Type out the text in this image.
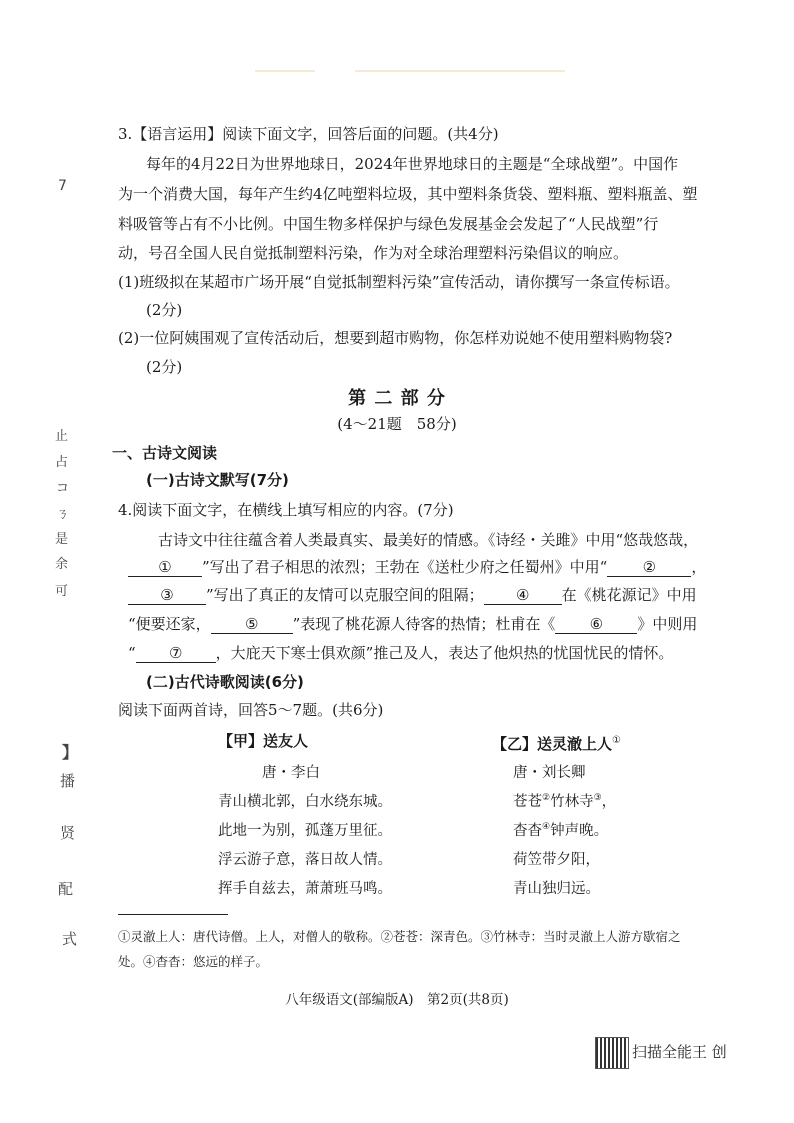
7
止
占
コ
ㄋ
是
余
可
】
播
贤
配
式
3.【语言运用】阅读下面文字，回答后面的问题。(共4分)
每年的4月22日为世界地球日，2024年世界地球日的主题是“全球战塑”。中国作
为一个消费大国，每年产生约4亿吨塑料垃圾，其中塑料条货袋、塑料瓶、塑料瓶盖、塑
料吸管等占有不小比例。中国生物多样保护与绿色发展基金会发起了“人民战塑”行
动，号召全国人民自觉抵制塑料污染，作为对全球治理塑料污染倡议的响应。
(1)班级拟在某超市广场开展“自觉抵制塑料污染”宣传活动，请你撰写一条宣传标语。
(2分)
(2)一位阿姨围观了宣传活动后，想要到超市购物，你怎样劝说她不使用塑料购物袋?
(2分)
第 二 部 分
(4～21题　58分)
一、古诗文阅读
(一)古诗文默写(7分)
4.阅读下面文字，在横线上填写相应的内容。(7分)
古诗文中往往蕴含着人类最真实、最美好的情感。《诗经・关雎》中用“悠哉悠哉，
① ”写出了君子相思的浓烈；王勃在《送杜少府之任蜀州》中用“ ② ，
③ ”写出了真正的友情可以克服空间的阻隔； ④ 在《桃花源记》中用
“便要还家， ⑤ ”表现了桃花源人待客的热情；杜甫在《 ⑥ 》中则用
“ ⑦ ，大庇天下寒士俱欢颜”推己及人，表达了他炽热的忧国忧民的情怀。
(二)古代诗歌阅读(6分)
阅读下面两首诗，回答5～7题。(共6分)
【甲】送友人
唐・李白
青山横北郭，白水绕东城。
此地一为别，孤蓬万里征。
浮云游子意，落日故人情。
挥手自兹去，萧萧班马鸣。
【乙】送灵澈上人①
唐・刘长卿
苍苍②竹林寺③，
杳杳④钟声晚。
荷笠带夕阳，
青山独归远。
①灵澈上人：唐代诗僧。上人，对僧人的敬称。②苍苍：深青色。③竹林寺：当时灵澈上人游方歇宿之
处。④杳杳：悠远的样子。
八年级语文(部编版A)　第2页(共8页)
扫描全能王 创
